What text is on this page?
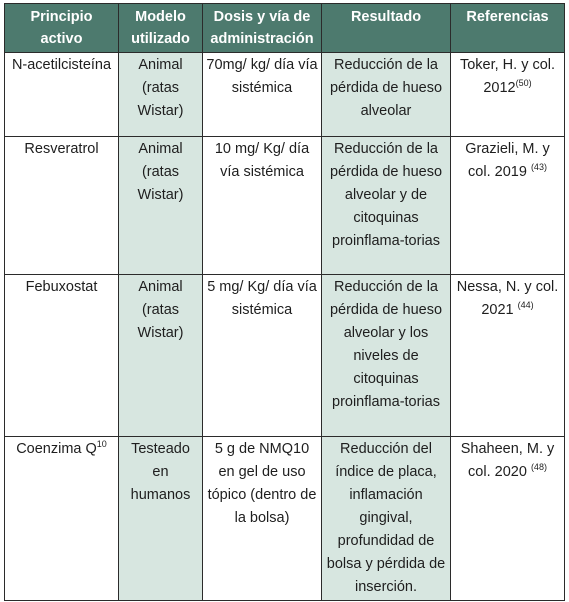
Principio activo	Modelo utilizado	Dosis y vía de administración	Resultado	Referencias
N-acetilcisteína	Animal (ratas Wistar)	70mg/ kg/ día vía sistémica	Reducción de la pérdida de hueso alveolar	Toker, H. y col. 2012$^{(50)}$
Resveratrol	Animal (ratas Wistar)	10 mg/ Kg/ día vía sistémica	Reducción de la pérdida de hueso alveolar y de citoquinas proinflama-torias	Grazieli, M. y col. 2019 $^{(43)}$
Febuxostat	Animal (ratas Wistar)	5 mg/ Kg/ día vía sistémica	Reducción de la pérdida de hueso alveolar y los niveles de citoquinas proinflama-torias	Nessa, N. y col. 2021 $^{(44)}$
Coenzima $Q^{10}$	Testeado en humanos	5 g de NMQ10 en gel de uso tópico (dentro de la bolsa)	Reducción del índice de placa, inflamación gingival, profundidad de bolsa y pérdida de inserción.	Shaheen, M. y col. 2020 $^{(48)}$
